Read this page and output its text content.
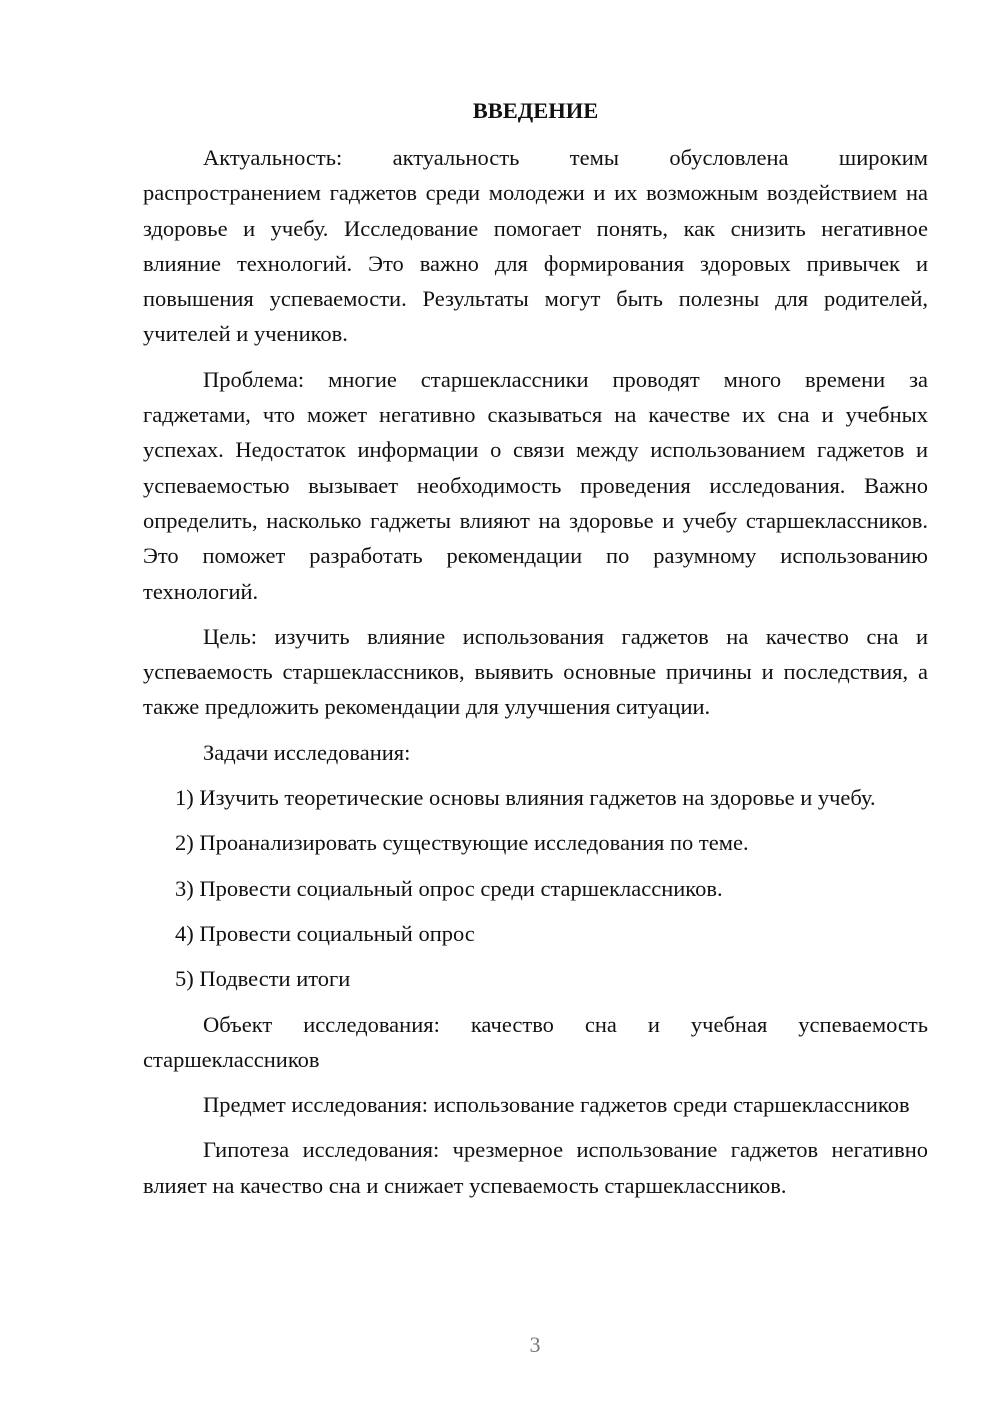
ВВЕДЕНИЕ

Актуальность: актуальность темы обусловлена широким распространением гаджетов среди молодежи и их возможным воздействием на здоровье и учебу. Исследование помогает понять, как снизить негативное влияние технологий. Это важно для формирования здоровых привычек и повышения успеваемости. Результаты могут быть полезны для родителей, учителей и учеников.

Проблема: многие старшеклассники проводят много времени за гаджетами, что может негативно сказываться на качестве их сна и учебных успехах. Недостаток информации о связи между использованием гаджетов и успеваемостью вызывает необходимость проведения исследования. Важно определить, насколько гаджеты влияют на здоровье и учебу старшеклассников. Это поможет разработать рекомендации по разумному использованию технологий.

Цель: изучить влияние использования гаджетов на качество сна и успеваемость старшеклассников, выявить основные причины и последствия, а также предложить рекомендации для улучшения ситуации.

Задачи исследования:

1) Изучить теоретические основы влияния гаджетов на здоровье и учебу.

2) Проанализировать существующие исследования по теме.

3) Провести социальный опрос среди старшеклассников.

4) Провести социальный опрос

5) Подвести итоги

Объект исследования: качество сна и учебная успеваемость старшеклассников

Предмет исследования: использование гаджетов среди старшеклассников

Гипотеза исследования: чрезмерное использование гаджетов негативно влияет на качество сна и снижает успеваемость старшеклассников.

3
